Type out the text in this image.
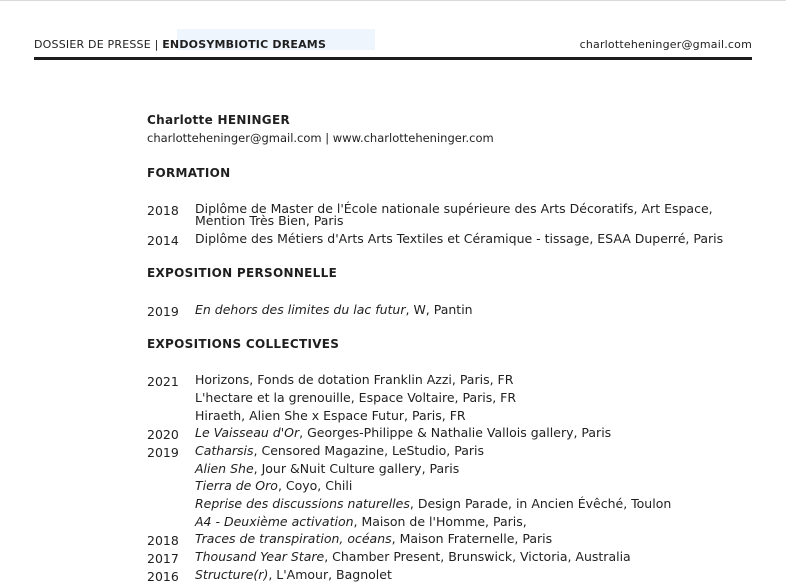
DOSSIER DE PRESSE | ENDOSYMBIOTIC DREAMS	charlotteheninger@gmail.com
Charlotte HENINGER
charlotteheninger@gmail.com | www.charlotteheninger.com
FORMATION
2018 Diplôme de Master de l'École nationale supérieure des Arts Décoratifs, Art Espace,
Mention Très Bien, Paris
2014 Diplôme des Métiers d'Arts Arts Textiles et Céramique - tissage, ESAA Duperré, Paris
EXPOSITION PERSONNELLE
2019 En dehors des limites du lac futur, W, Pantin
EXPOSITIONS COLLECTIVES
2021 Horizons, Fonds de dotation Franklin Azzi, Paris, FR
L'hectare et la grenouille, Espace Voltaire, Paris, FR
Hiraeth, Alien She x Espace Futur, Paris, FR
2020 Le Vaisseau d'Or, Georges-Philippe & Nathalie Vallois gallery, Paris
2019 Catharsis, Censored Magazine, LeStudio, Paris
Alien She, Jour &Nuit Culture gallery, Paris
Tierra de Oro, Coyo, Chili
Reprise des discussions naturelles, Design Parade, in Ancien Évêché, Toulon
A4 - Deuxième activation, Maison de l'Homme, Paris,
2018 Traces de transpiration, océans, Maison Fraternelle, Paris
2017 Thousand Year Stare, Chamber Present, Brunswick, Victoria, Australia
2016 Structure(r), L'Amour, Bagnolet
